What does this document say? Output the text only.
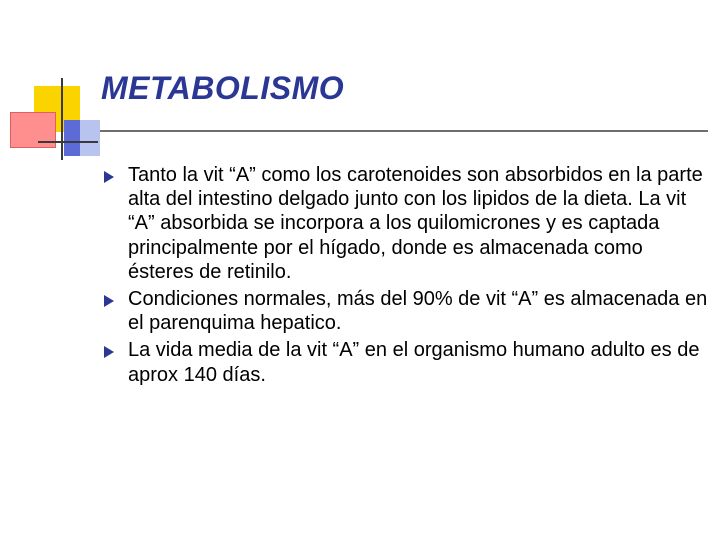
METABOLISMO
Tanto la vit “A” como los carotenoides son absorbidos en la parte alta del intestino delgado junto con los lipidos de la dieta. La vit “A” absorbida se incorpora a los quilomicrones y es captada principalmente por el hígado, donde es almacenada como ésteres de retinilo.
Condiciones normales, más del 90% de vit “A” es almacenada en el parenquima hepatico.
La vida media de la vit “A” en el organismo humano adulto es de aprox 140 días.
